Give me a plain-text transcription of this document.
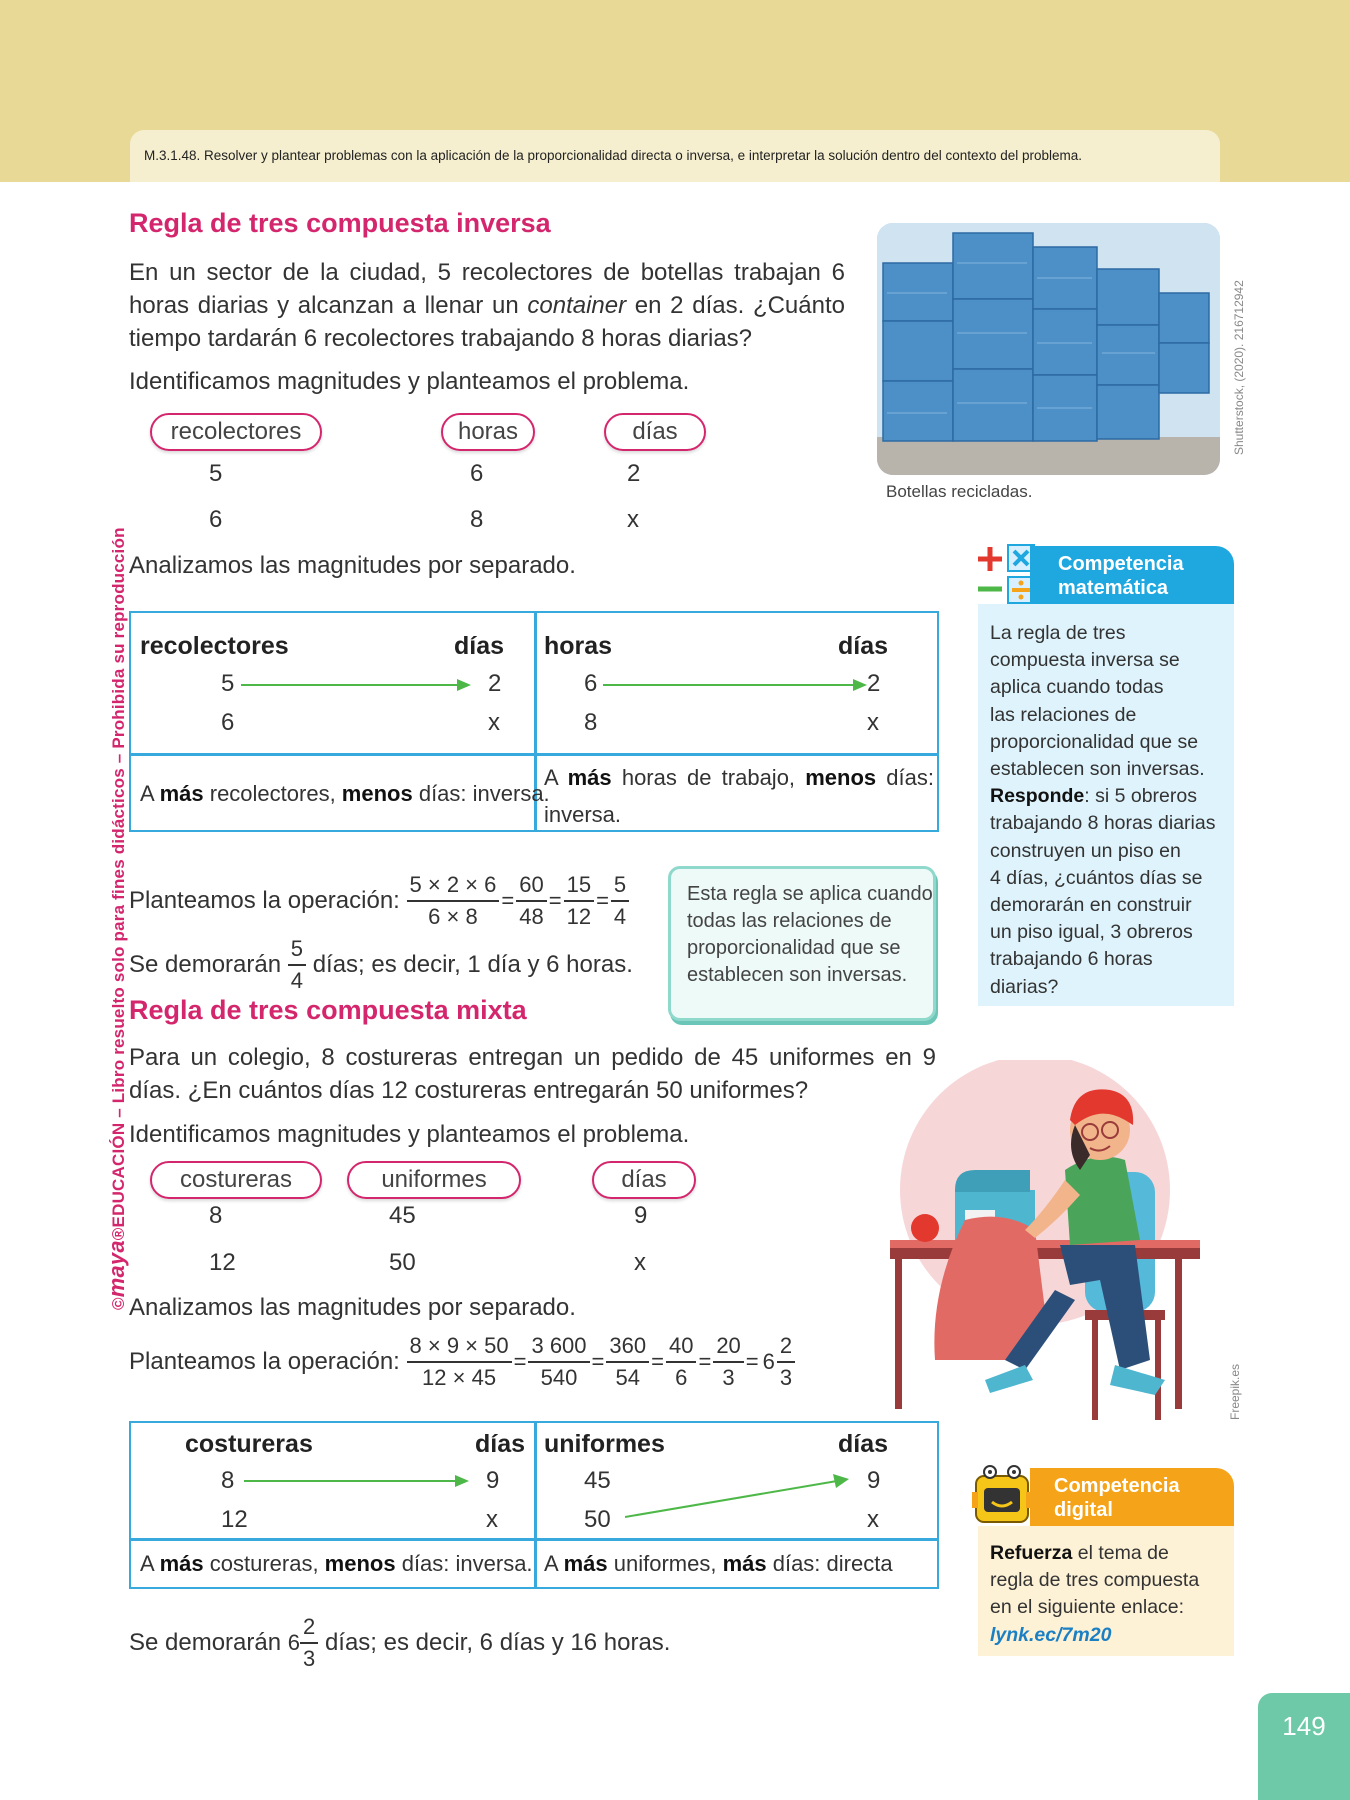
M.3.1.48. Resolver y plantear problemas con la aplicación de la proporcionalidad directa o inversa, e interpretar la solución dentro del contexto del problema.
©maya®EDUCACIÓN – Libro resuelto solo para fines didácticos – Prohibida su reproducción
Regla de tres compuesta inversa
En un sector de la ciudad, 5 recolectores de botellas trabajan 6 horas diarias y alcanzan a llenar un container en 2 días. ¿Cuánto tiempo tardarán 6 recolectores trabajando 8 horas diarias?
Identificamos magnitudes y planteamos el problema.
recolectores	horas	días
5	6	2
6	8	x
Analizamos las magnitudes por separado.
recolectores	días
5	2
6	x
horas	días
6	2
8	x
A más recolectores, menos días: inversa.
A más horas de trabajo, menos días: inversa.
Planteamos la operación: $\frac{5 \times 2 \times 6}{6 \times 8} = \frac{60}{48} = \frac{15}{12} = \frac{5}{4}$
Se demorarán $\frac{5}{4}$ días; es decir, 1 día y 6 horas.
Esta regla se aplica cuando todas las relaciones de proporcionalidad que se establecen son inversas.
Regla de tres compuesta mixta
Para un colegio, 8 costureras entregan un pedido de 45 uniformes en 9 días. ¿En cuántos días 12 costureras entregarán 50 uniformes?
Identificamos magnitudes y planteamos el problema.
costureras	uniformes	días
8	45	9
12	50	x
Analizamos las magnitudes por separado.
Planteamos la operación: $\frac{8 \times 9 \times 50}{12 \times 45} = \frac{3 600}{540} = \frac{360}{54} = \frac{40}{6} = \frac{20}{3} = 6 \frac{2}{3}$
costureras	días
8	9
12	x
uniformes	días
45	9
50	x
A más costureras, menos días: inversa. A más uniformes, más días: directa
Se demorarán $6 \frac{2}{3}$ días; es decir, 6 días y 16 horas.
Shutterstock, (2020). 216712942
Botellas recicladas.
Competencia
matemática
La regla de tres
compuesta inversa se
aplica cuando todas
las relaciones de
proporcionalidad que se
establecen son inversas.
Responde: si 5 obreros
trabajando 8 horas diarias
construyen un piso en
4 días, ¿cuántos días se
demorarán en construir
un piso igual, 3 obreros
trabajando 6 horas
diarias?
Freepik.es
Competencia
digital
Refuerza el tema de
regla de tres compuesta
en el siguiente enlace:
lynk.ec/7m20
149
